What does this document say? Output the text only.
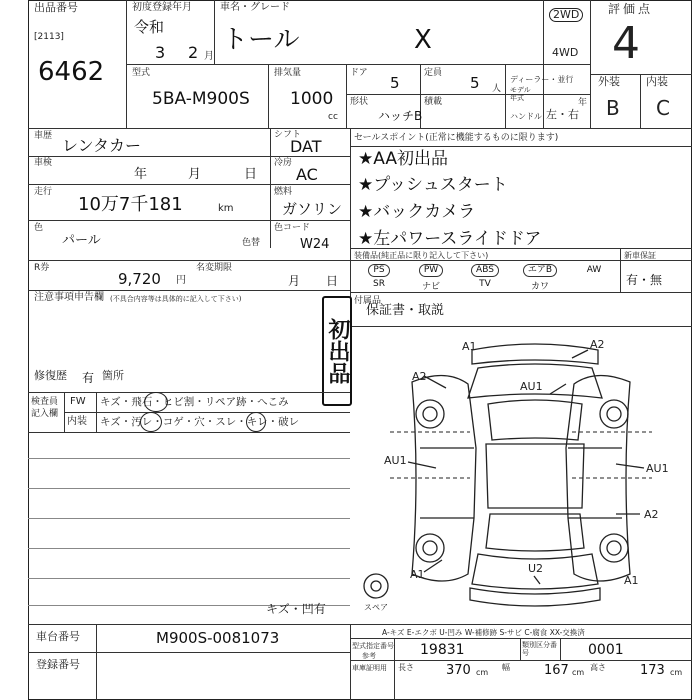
出品番号
[2113]
6462
初度登録年月
令和
3 2 月
車名・グレード
トール	X
2WD
4WD
評価点
4
外装 内装
B C
型式
5BA-M900S
排気量
1000
cc
ドア
5
定員
5 人
ディーラー・並行
モデル年式	年
形状
ハッチB
積載
ハンドル 左・右
車歴 レンタカー
シフト
DAT
車検
年	月	日
冷房
AC
走行
10万7千181	km
燃料
ガソリン
色
パール	色替
色コード
W24
R券
9,720 円
名変期限
月 日
セールスポイント(正常に機能するものに限ります)
★AA初出品
★プッシュスタート
★バックカメラ
★左パワースライドドア
装備品(純正品に限り記入して下さい)	新車保証
PS	PW	ABS	エアB	AW
SR	ナビ	TV	カワ	有・無
注意事項申告欄 (不具合内容等は具体的に記入して下さい)	付属品
保証書・取説
初出品
修復歴 有 箇所
検査員記入欄
FW キズ・飛石・ヒビ割・リペア跡・へこみ
内装 キズ・汚レ・コゲ・穴・スレ・キレ・破レ
A1	A2
AU1
A2
AU1
AU1
A2
A1	A1
U2
スペア
キズ・凹有
A-キズ E-エクボ U-凹み W-補修跡 S-サビ C-腐食 XX-交換済
車台番号	M900S-0081073
登録番号
型式指定番号
参考	19831	類別区分番号	0001
車庫証明用 長さ 370 cm
幅	167 cm
高さ	173 cm
